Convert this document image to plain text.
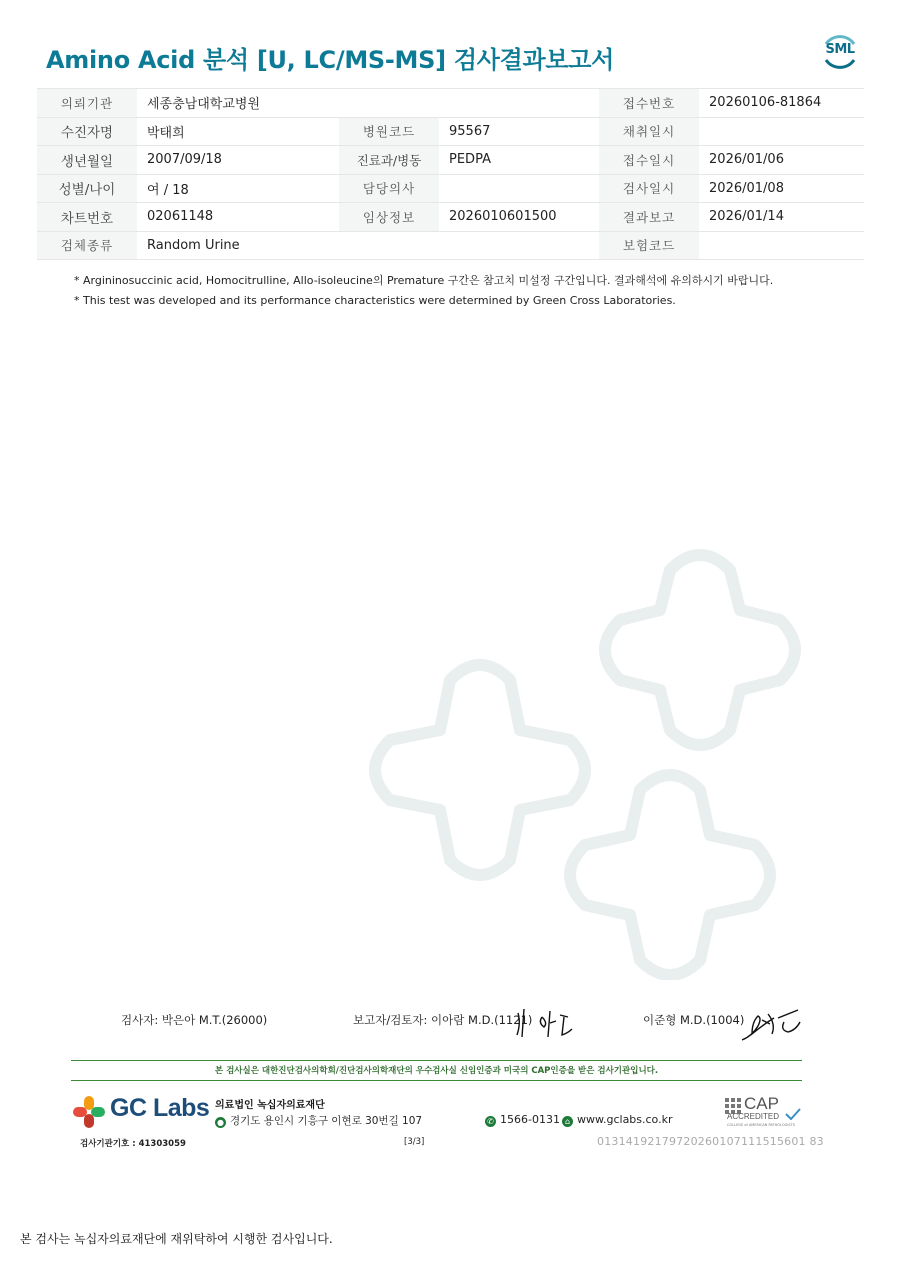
Amino Acid 분석 [U, LC/MS-MS] 검사결과보고서	SML
의뢰기관	세종충남대학교병원			접수번호	20260106-81864
수진자명	박태희	병원코드	95567	채취일시	
생년월일	2007/09/18	진료과/병동	PEDPA	접수일시	2026/01/06
성별/나이	여 / 18	담당의사		검사일시	2026/01/08
차트번호	02061148	임상정보	2026010601500	결과보고	2026/01/14
검체종류	Random Urine			보험코드	
* Argininosuccinic acid, Homocitrulline, Allo-isoleucine의 Premature 구간은 참고치 미설정 구간입니다. 결과해석에 유의하시기 바랍니다.
* This test was developed and its performance characteristics were determined by Green Cross Laboratories.
검사자: 박은아 M.T.(26000)	보고자/검토자: 이아람 M.D.(1121)	이준형 M.D.(1004)
본 검사실은 대한진단검사의학회/진단검사의학재단의 우수검사실 신임인증과 미국의 CAP인증을 받은 검사기관입니다.
GC Labs 의료법인 녹십자의료재단
● 경기도 용인시 기흥구 이현로 30번길 107	✆ 1566-0131 ⌂ www.gclabs.co.kr
CAP
ACCREDITED
COLLEGE of AMERICAN PATHOLOGISTS
검사기관기호 : 41303059	[3/3]	01314192179720260107111515601 83
본 검사는 녹십자의료재단에 재위탁하여 시행한 검사입니다.
